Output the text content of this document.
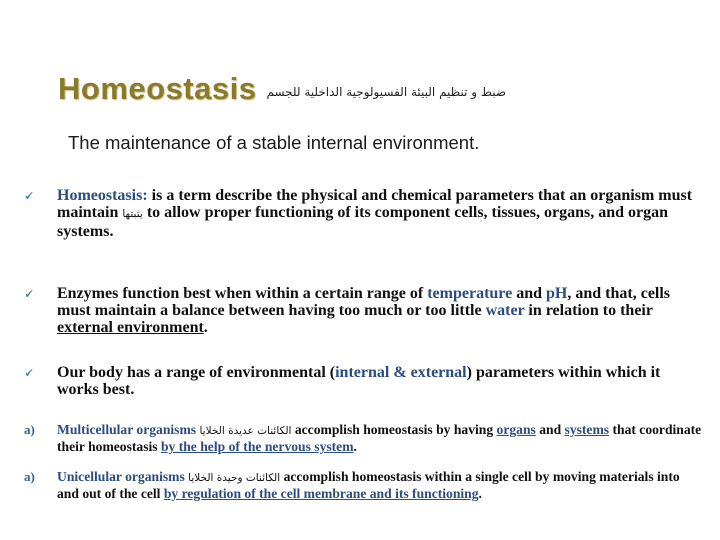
Homeostasis ضبط و تنظيم البيئة الفسيولوجية الداخلية للجسم
The maintenance of a stable internal environment.
🗸 Homeostasis: is a term describe the physical and chemical parameters that an organism must maintain يثبتها to allow proper functioning of its component cells, tissues, organs, and organ systems.
🗸 Enzymes function best when within a certain range of temperature and pH, and that, cells must maintain a balance between having too much or too little water in relation to their external environment.
🗸 Our body has a range of environmental (internal & external) parameters within which it works best.
a) Multicellular organisms الكائنات عديدة الخلايا accomplish homeostasis by having organs and systems that coordinate their homeostasis by the help of the nervous system.
a) Unicellular organisms الكائنات وحيدة الخلايا accomplish homeostasis within a single cell by moving materials into and out of the cell by regulation of the cell membrane and its functioning.
